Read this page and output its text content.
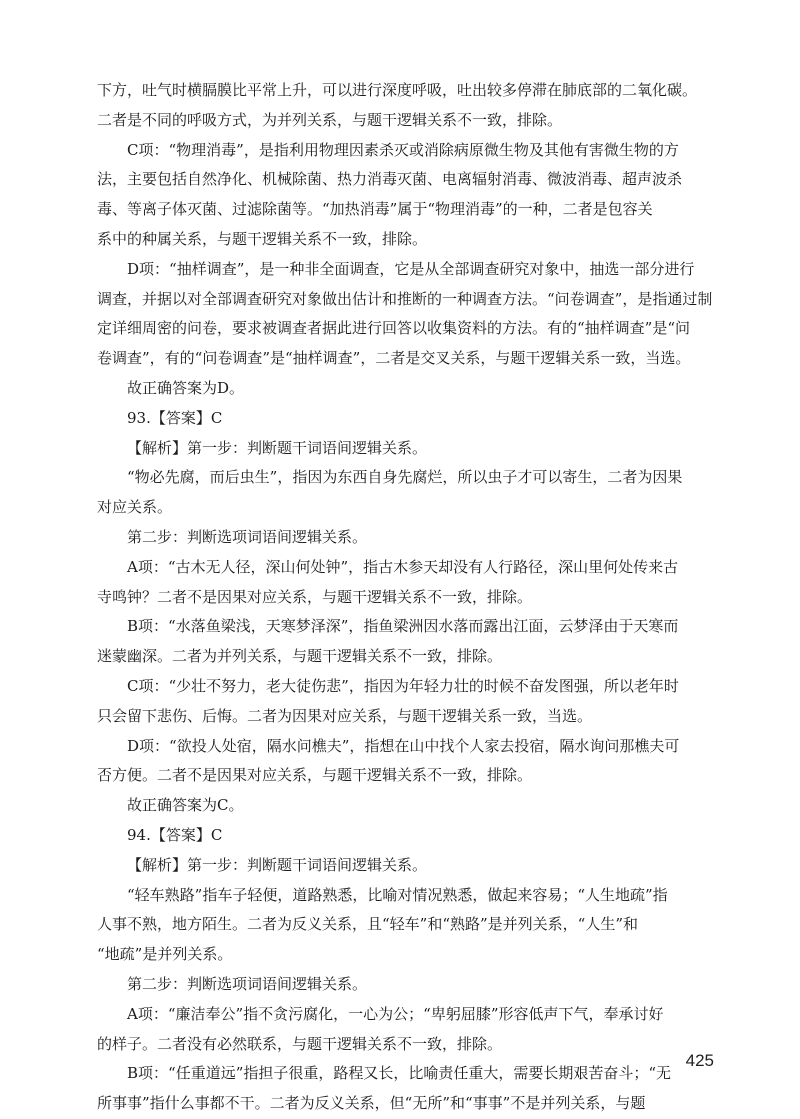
下方，吐气时横膈膜比平常上升，可以进行深度呼吸，吐出较多停滞在肺底部的二氧化碳。
二者是不同的呼吸方式，为并列关系，与题干逻辑关系不一致，排除。
C项：“物理消毒”，是指利用物理因素杀灭或消除病原微生物及其他有害微生物的方
法，主要包括自然净化、机械除菌、热力消毒灭菌、电离辐射消毒、微波消毒、超声波杀
毒、等离子体灭菌、过滤除菌等。“加热消毒”属于“物理消毒”的一种，二者是包容关
系中的种属关系，与题干逻辑关系不一致，排除。
D项：“抽样调查”，是一种非全面调查，它是从全部调查研究对象中，抽选一部分进行
调查，并据以对全部调查研究对象做出估计和推断的一种调查方法。“问卷调查”，是指通过制
定详细周密的问卷，要求被调查者据此进行回答以收集资料的方法。有的“抽样调查”是“问
卷调查”，有的“问卷调查”是“抽样调查”，二者是交叉关系，与题干逻辑关系一致，当选。
故正确答案为D。
93.【答案】C
【解析】第一步：判断题干词语间逻辑关系。
“物必先腐，而后虫生”，指因为东西自身先腐烂，所以虫子才可以寄生，二者为因果
对应关系。
第二步：判断选项词语间逻辑关系。
A项：“古木无人径，深山何处钟”，指古木参天却没有人行路径，深山里何处传来古
寺鸣钟？二者不是因果对应关系，与题干逻辑关系不一致，排除。
B项：“水落鱼梁浅，天寒梦泽深”，指鱼梁洲因水落而露出江面，云梦泽由于天寒而
迷蒙幽深。二者为并列关系，与题干逻辑关系不一致，排除。
C项：“少壮不努力，老大徒伤悲”，指因为年轻力壮的时候不奋发图强，所以老年时
只会留下悲伤、后悔。二者为因果对应关系，与题干逻辑关系一致，当选。
D项：“欲投人处宿，隔水问樵夫”，指想在山中找个人家去投宿，隔水询问那樵夫可
否方便。二者不是因果对应关系，与题干逻辑关系不一致，排除。
故正确答案为C。
94.【答案】C
【解析】第一步：判断题干词语间逻辑关系。
“轻车熟路”指车子轻便，道路熟悉，比喻对情况熟悉，做起来容易；“人生地疏”指
人事不熟，地方陌生。二者为反义关系，且“轻车”和“熟路”是并列关系，“人生”和
“地疏”是并列关系。
第二步：判断选项词语间逻辑关系。
A项：“廉洁奉公”指不贪污腐化，一心为公；“卑躬屈膝”形容低声下气，奉承讨好
的样子。二者没有必然联系，与题干逻辑关系不一致，排除。
B项：“任重道远”指担子很重，路程又长，比喻责任重大，需要长期艰苦奋斗；“无
所事事”指什么事都不干。二者为反义关系，但“无所”和“事事”不是并列关系，与题
425
